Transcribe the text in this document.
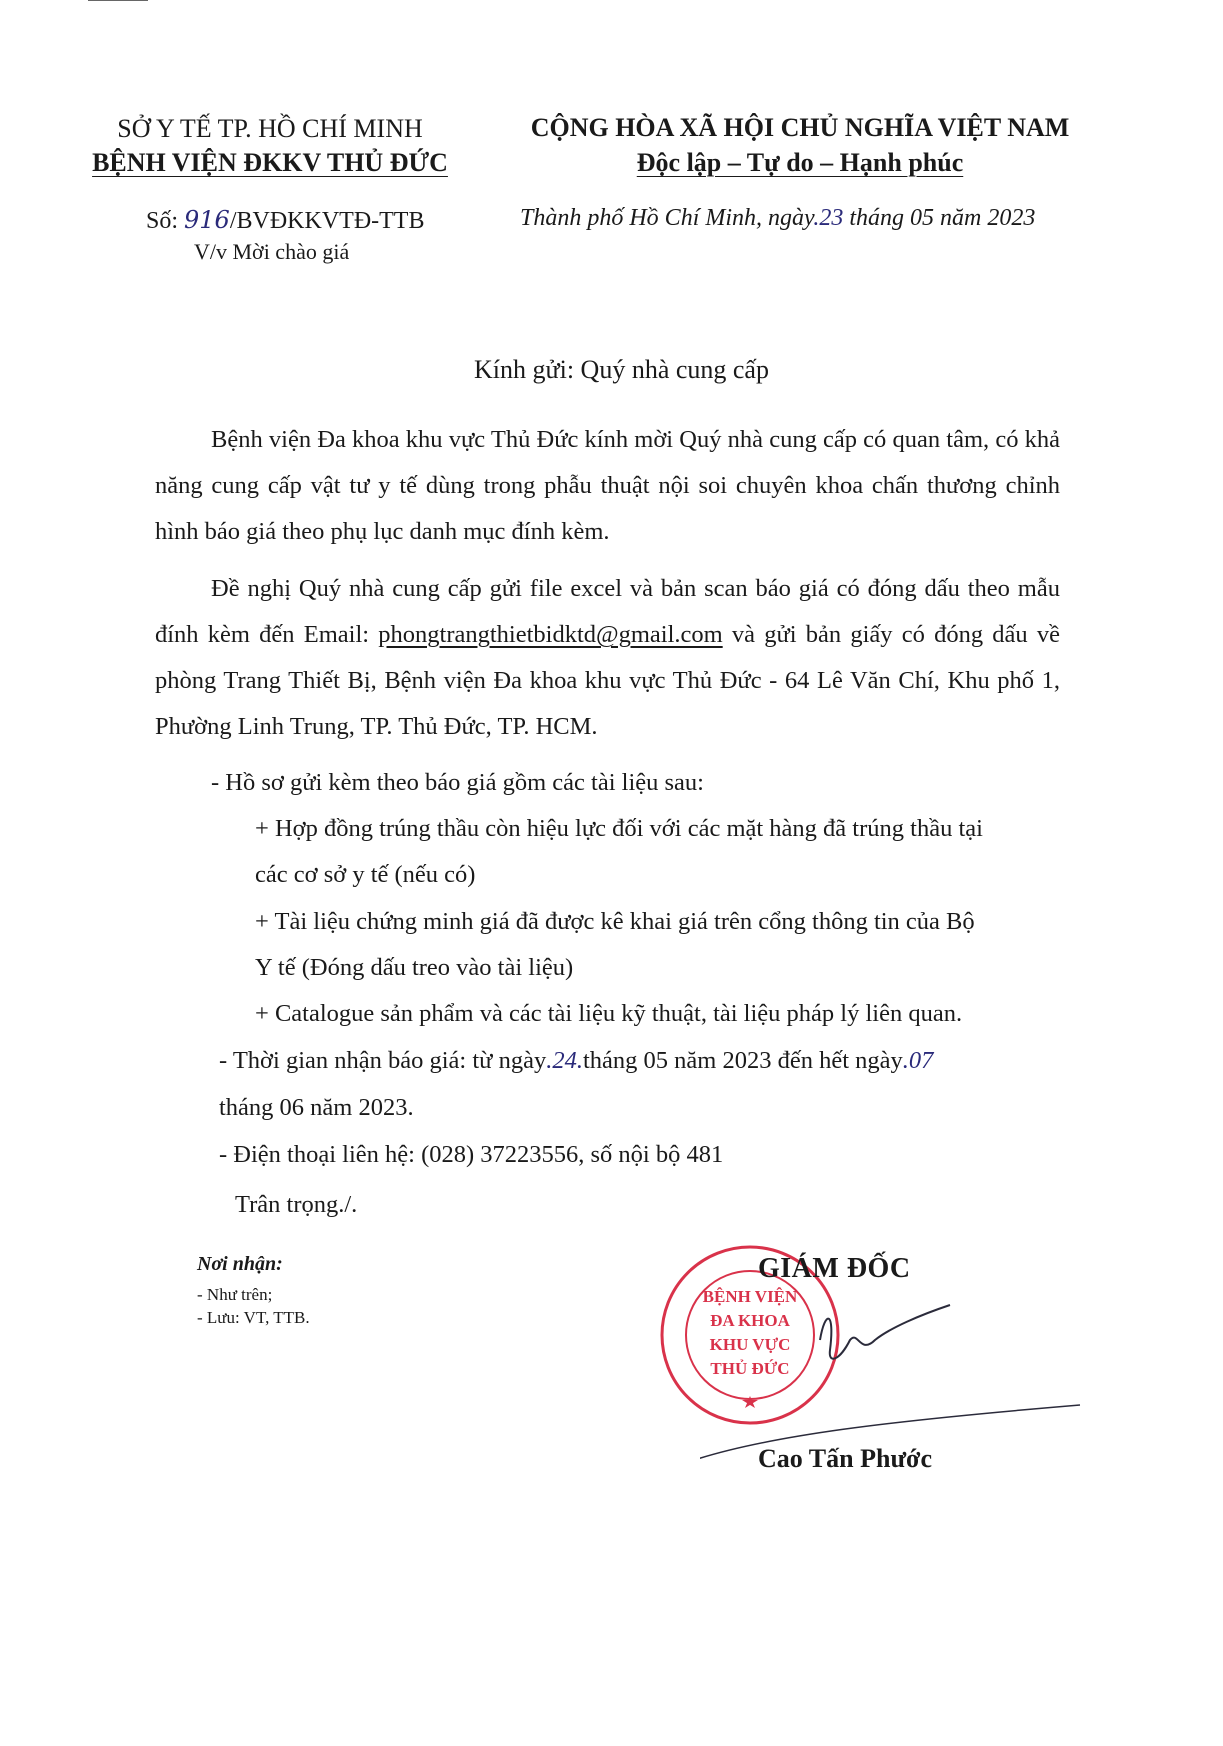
SỞ Y TẾ TP. HỒ CHÍ MINH
BỆNH VIỆN ĐKKV THỦ ĐỨC
CỘNG HÒA XÃ HỘI CHỦ NGHĨA VIỆT NAM
Độc lập – Tự do – Hạnh phúc
Số: 916/BVĐKKVTĐ-TTB
V/v Mời chào giá
Thành phố Hồ Chí Minh, ngày.23 tháng 05 năm 2023
Kính gửi: Quý nhà cung cấp
Bệnh viện Đa khoa khu vực Thủ Đức kính mời Quý nhà cung cấp có quan tâm, có khả năng cung cấp vật tư y tế dùng trong phẫu thuật nội soi chuyên khoa chấn thương chỉnh hình báo giá theo phụ lục danh mục đính kèm.
Đề nghị Quý nhà cung cấp gửi file excel và bản scan báo giá có đóng dấu theo mẫu đính kèm đến Email: phongtrangthietbidktd@gmail.com và gửi bản giấy có đóng dấu về phòng Trang Thiết Bị, Bệnh viện Đa khoa khu vực Thủ Đức - 64 Lê Văn Chí, Khu phố 1, Phường Linh Trung, TP. Thủ Đức, TP. HCM.
- Hồ sơ gửi kèm theo báo giá gồm các tài liệu sau:
+ Hợp đồng trúng thầu còn hiệu lực đối với các mặt hàng đã trúng thầu tại
các cơ sở y tế (nếu có)
+ Tài liệu chứng minh giá đã được kê khai giá trên cổng thông tin của Bộ
Y tế (Đóng dấu treo vào tài liệu)
+ Catalogue sản phẩm và các tài liệu kỹ thuật, tài liệu pháp lý liên quan.
- Thời gian nhận báo giá: từ ngày.24.tháng 05 năm 2023 đến hết ngày.07
tháng 06 năm 2023.
- Điện thoại liên hệ: (028) 37223556, số nội bộ 481
Trân trọng./.
Nơi nhận:
- Như trên;
- Lưu: VT, TTB.
BỆNH VIỆN
ĐA KHOA
KHU VỰC
THỦ ĐỨC
GIÁM ĐỐC
Cao Tấn Phước
